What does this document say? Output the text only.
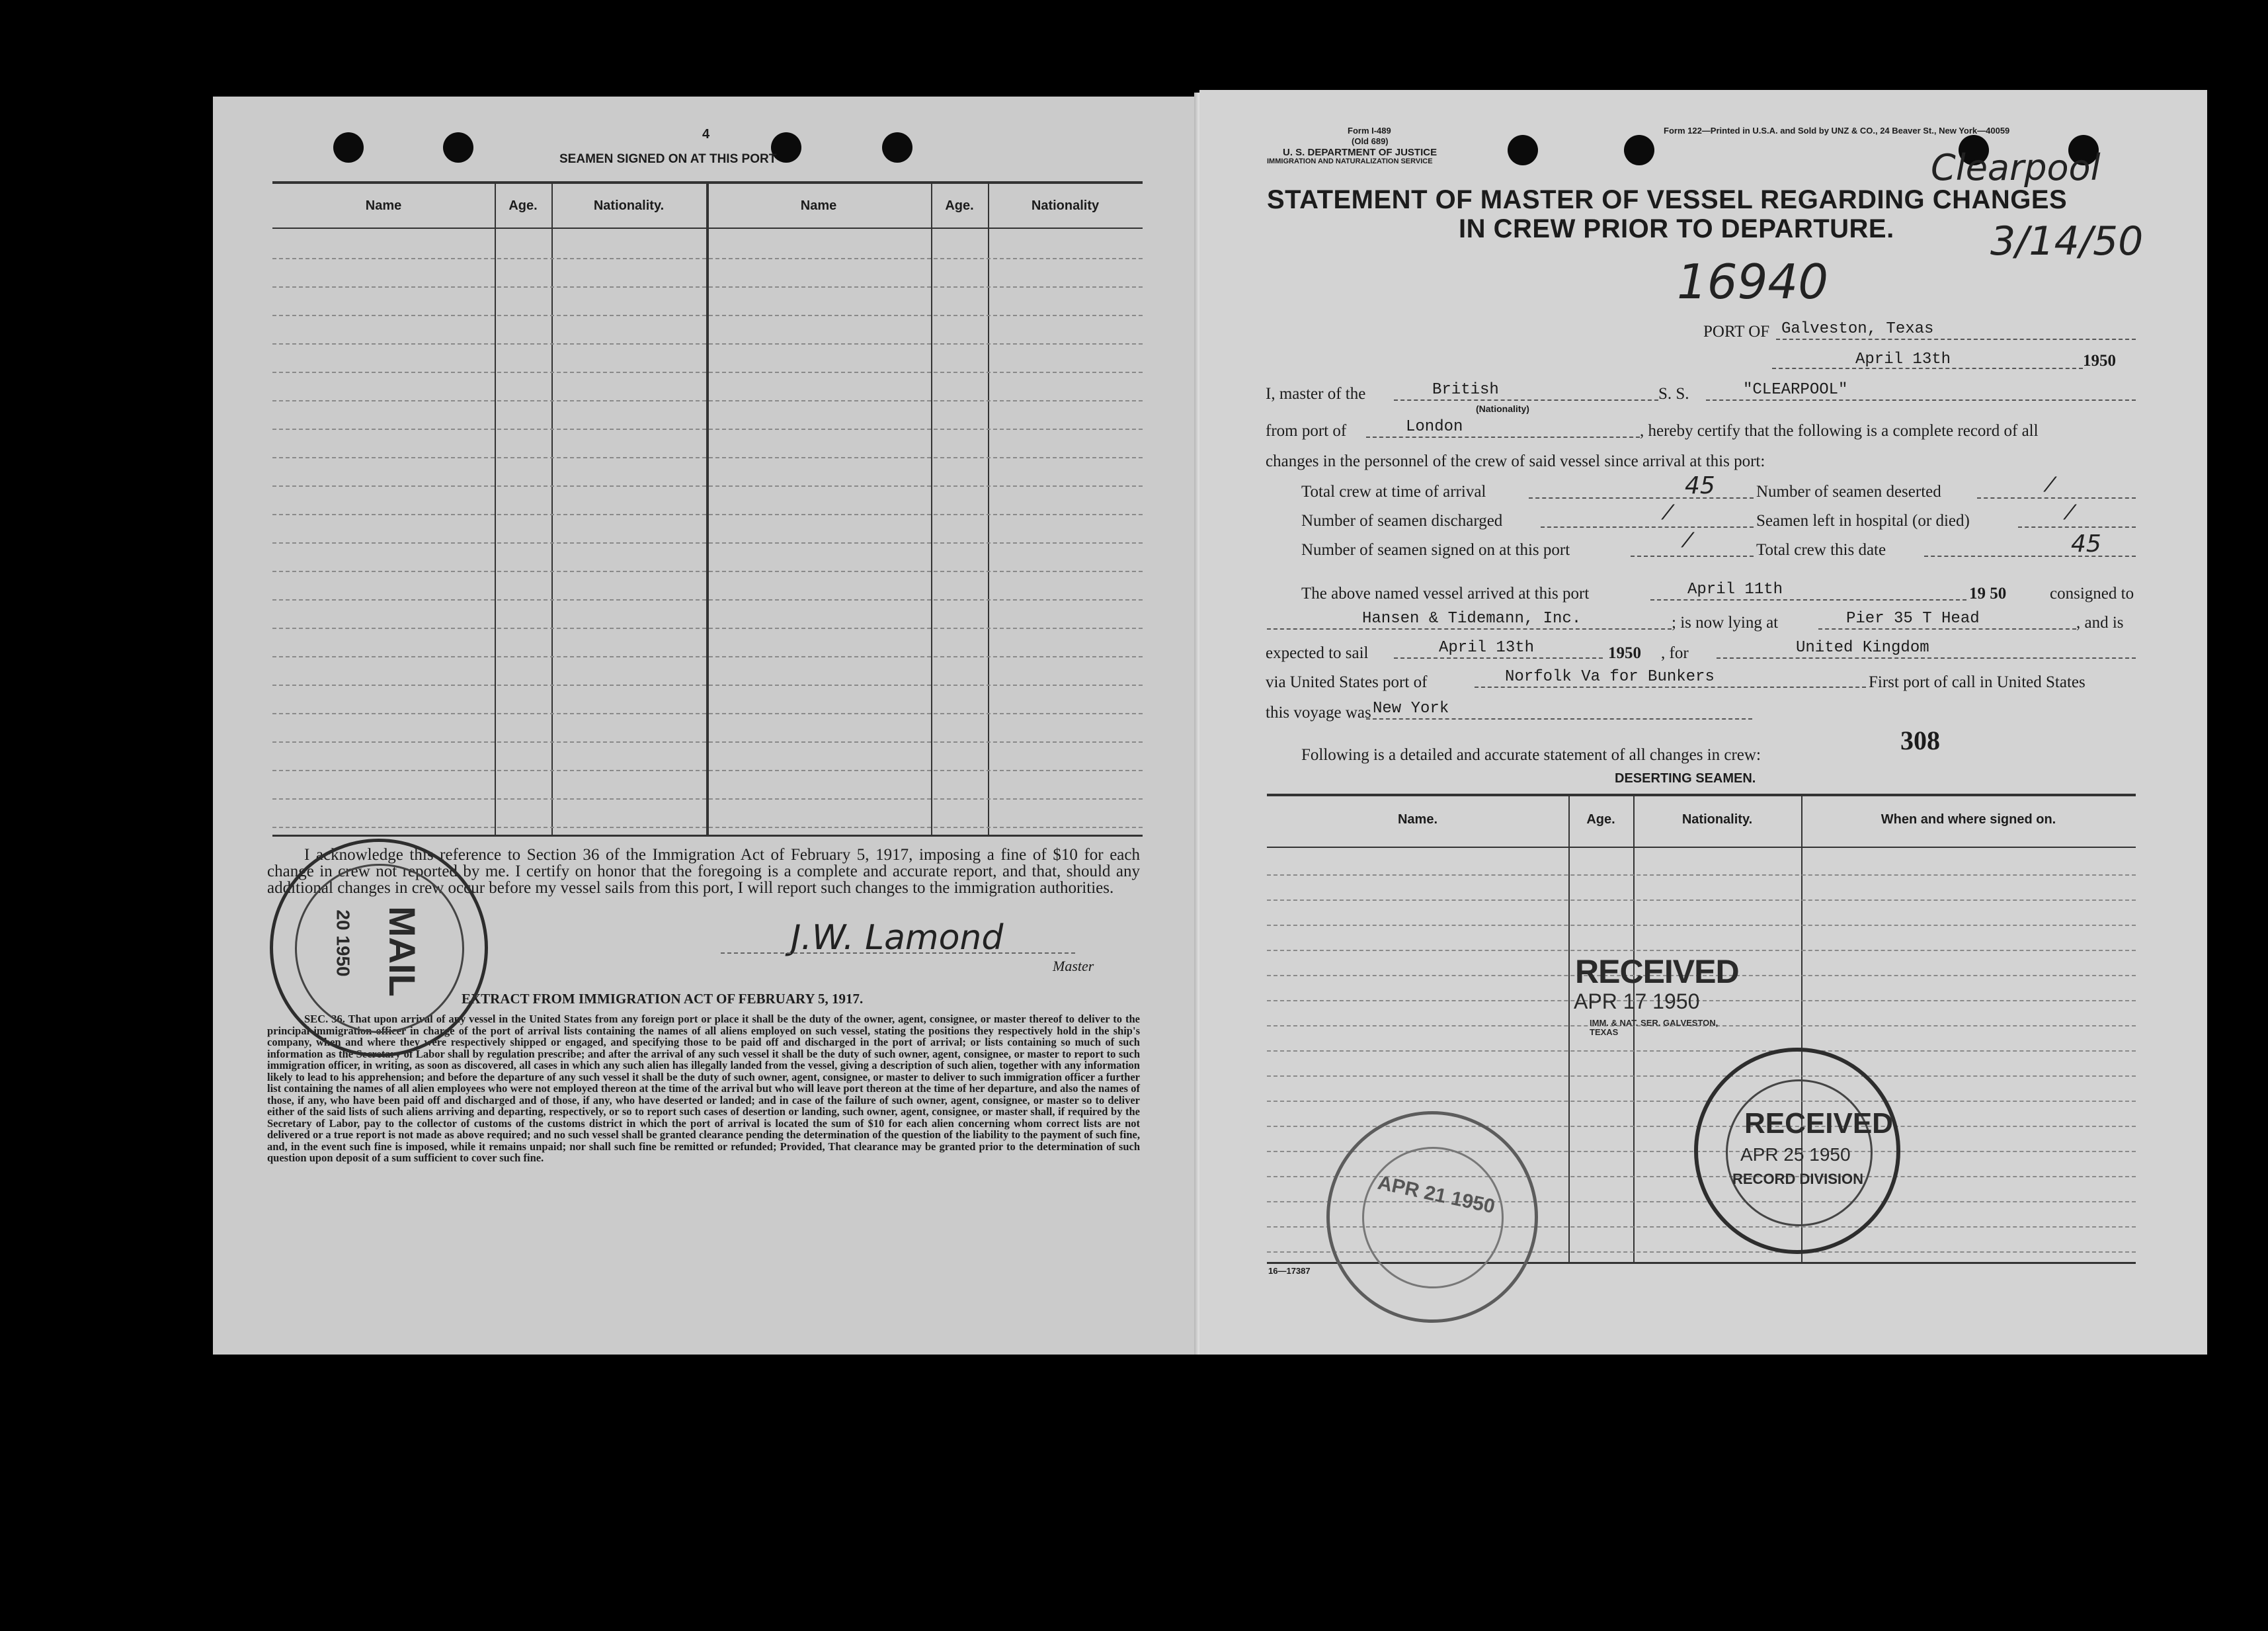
4
SEAMEN SIGNED ON AT THIS PORT
Name	Age.	Nationality.	Name	Age.	Nationality
I acknowledge this reference to Section 36 of the Immigration Act of February 5, 1917, imposing a fine of $10 for each change in crew not reported by me. I certify on honor that the foregoing is a complete and accurate report, and that, should any additional changes in crew occur before my vessel sails from this port, I will report such changes to the immigration authorities.
J.W. Lamond
Master
EXTRACT FROM IMMIGRATION ACT OF FEBRUARY 5, 1917.
SEC. 36. That upon arrival of any vessel in the United States from any foreign port or place it shall be the duty of the owner, agent, consignee, or master thereof to deliver to the principal immigration officer in charge of the port of arrival lists containing the names of all aliens employed on such vessel, stating the positions they respectively hold in the ship's company, when and where they were respectively shipped or engaged, and specifying those to be paid off and discharged in the port of arrival; or lists containing so much of such information as the Secretary of Labor shall by regulation prescribe; and after the arrival of any such vessel it shall be the duty of such owner, agent, consignee, or master to report to such immigration officer, in writing, as soon as discovered, all cases in which any such alien has illegally landed from the vessel, giving a description of such alien, together with any information likely to lead to his apprehension; and before the departure of any such vessel it shall be the duty of such owner, agent, consignee, or master to deliver to such immigration officer a further list containing the names of all alien employees who were not employed thereon at the time of the arrival but who will leave port thereon at the time of her departure, and also the names of those, if any, who have been paid off and discharged and of those, if any, who have deserted or landed; and in case of the failure of such owner, agent, consignee, or master so to deliver either of the said lists of such aliens arriving and departing, respectively, or so to report such cases of desertion or landing, such owner, agent, consignee, or master shall, if required by the Secretary of Labor, pay to the collector of customs of the customs district in which the port of arrival is located the sum of $10 for each alien concerning whom correct lists are not delivered or a true report is not made as above required; and no such vessel shall be granted clearance pending the determination of the question of the liability to the payment of such fine, and, in the event such fine is imposed, while it remains unpaid; nor shall such fine be remitted or refunded; Provided, That clearance may be granted prior to the determination of such question upon deposit of a sum sufficient to cover such fine.
MAIL
20 1950
Form I-489
(Old 689)
U. S. DEPARTMENT OF JUSTICE
IMMIGRATION AND NATURALIZATION SERVICE
Form 122—Printed in U.S.A. and Sold by UNZ & CO., 24 Beaver St., New York—40059
STATEMENT OF MASTER OF VESSEL REGARDING CHANGES
IN CREW PRIOR TO DEPARTURE.
Clearpool
3/14/50
16940
PORT OF Galveston, Texas
April 13th	1950
I, master of the	British
(Nationality)
S. S.	"CLEARPOOL"
from port of	London	, hereby certify that the following is a complete record of all
changes in the personnel of the crew of said vessel since arrival at this port:
Total crew at time of arrival	45 Number of seamen deserted	⁄
Number of seamen discharged	⁄	Seamen left in hospital (or died)	⁄
Number of seamen signed on at this port	⁄	Total crew this date	45
The above named vessel arrived at this port	April 11th	19 50	consigned to
Hansen & Tidemann, Inc.	; is now lying at	Pier 35 T Head	, and is
expected to sail	April 13th	1950 , for	United Kingdom
via United States port of	Norfolk Va for Bunkers	First port of call in United States
this voyage was New York
Following is a detailed and accurate statement of all changes in crew:	308
DESERTING SEAMEN.
Name.	Age.	Nationality.	When and where signed on.
16—17387
RECEIVED
APR 17 1950
IMM. & NAT. SER. GALVESTON, TEXAS
RECEIVED
APR 25 1950
RECORD DIVISION
APR 21 1950
